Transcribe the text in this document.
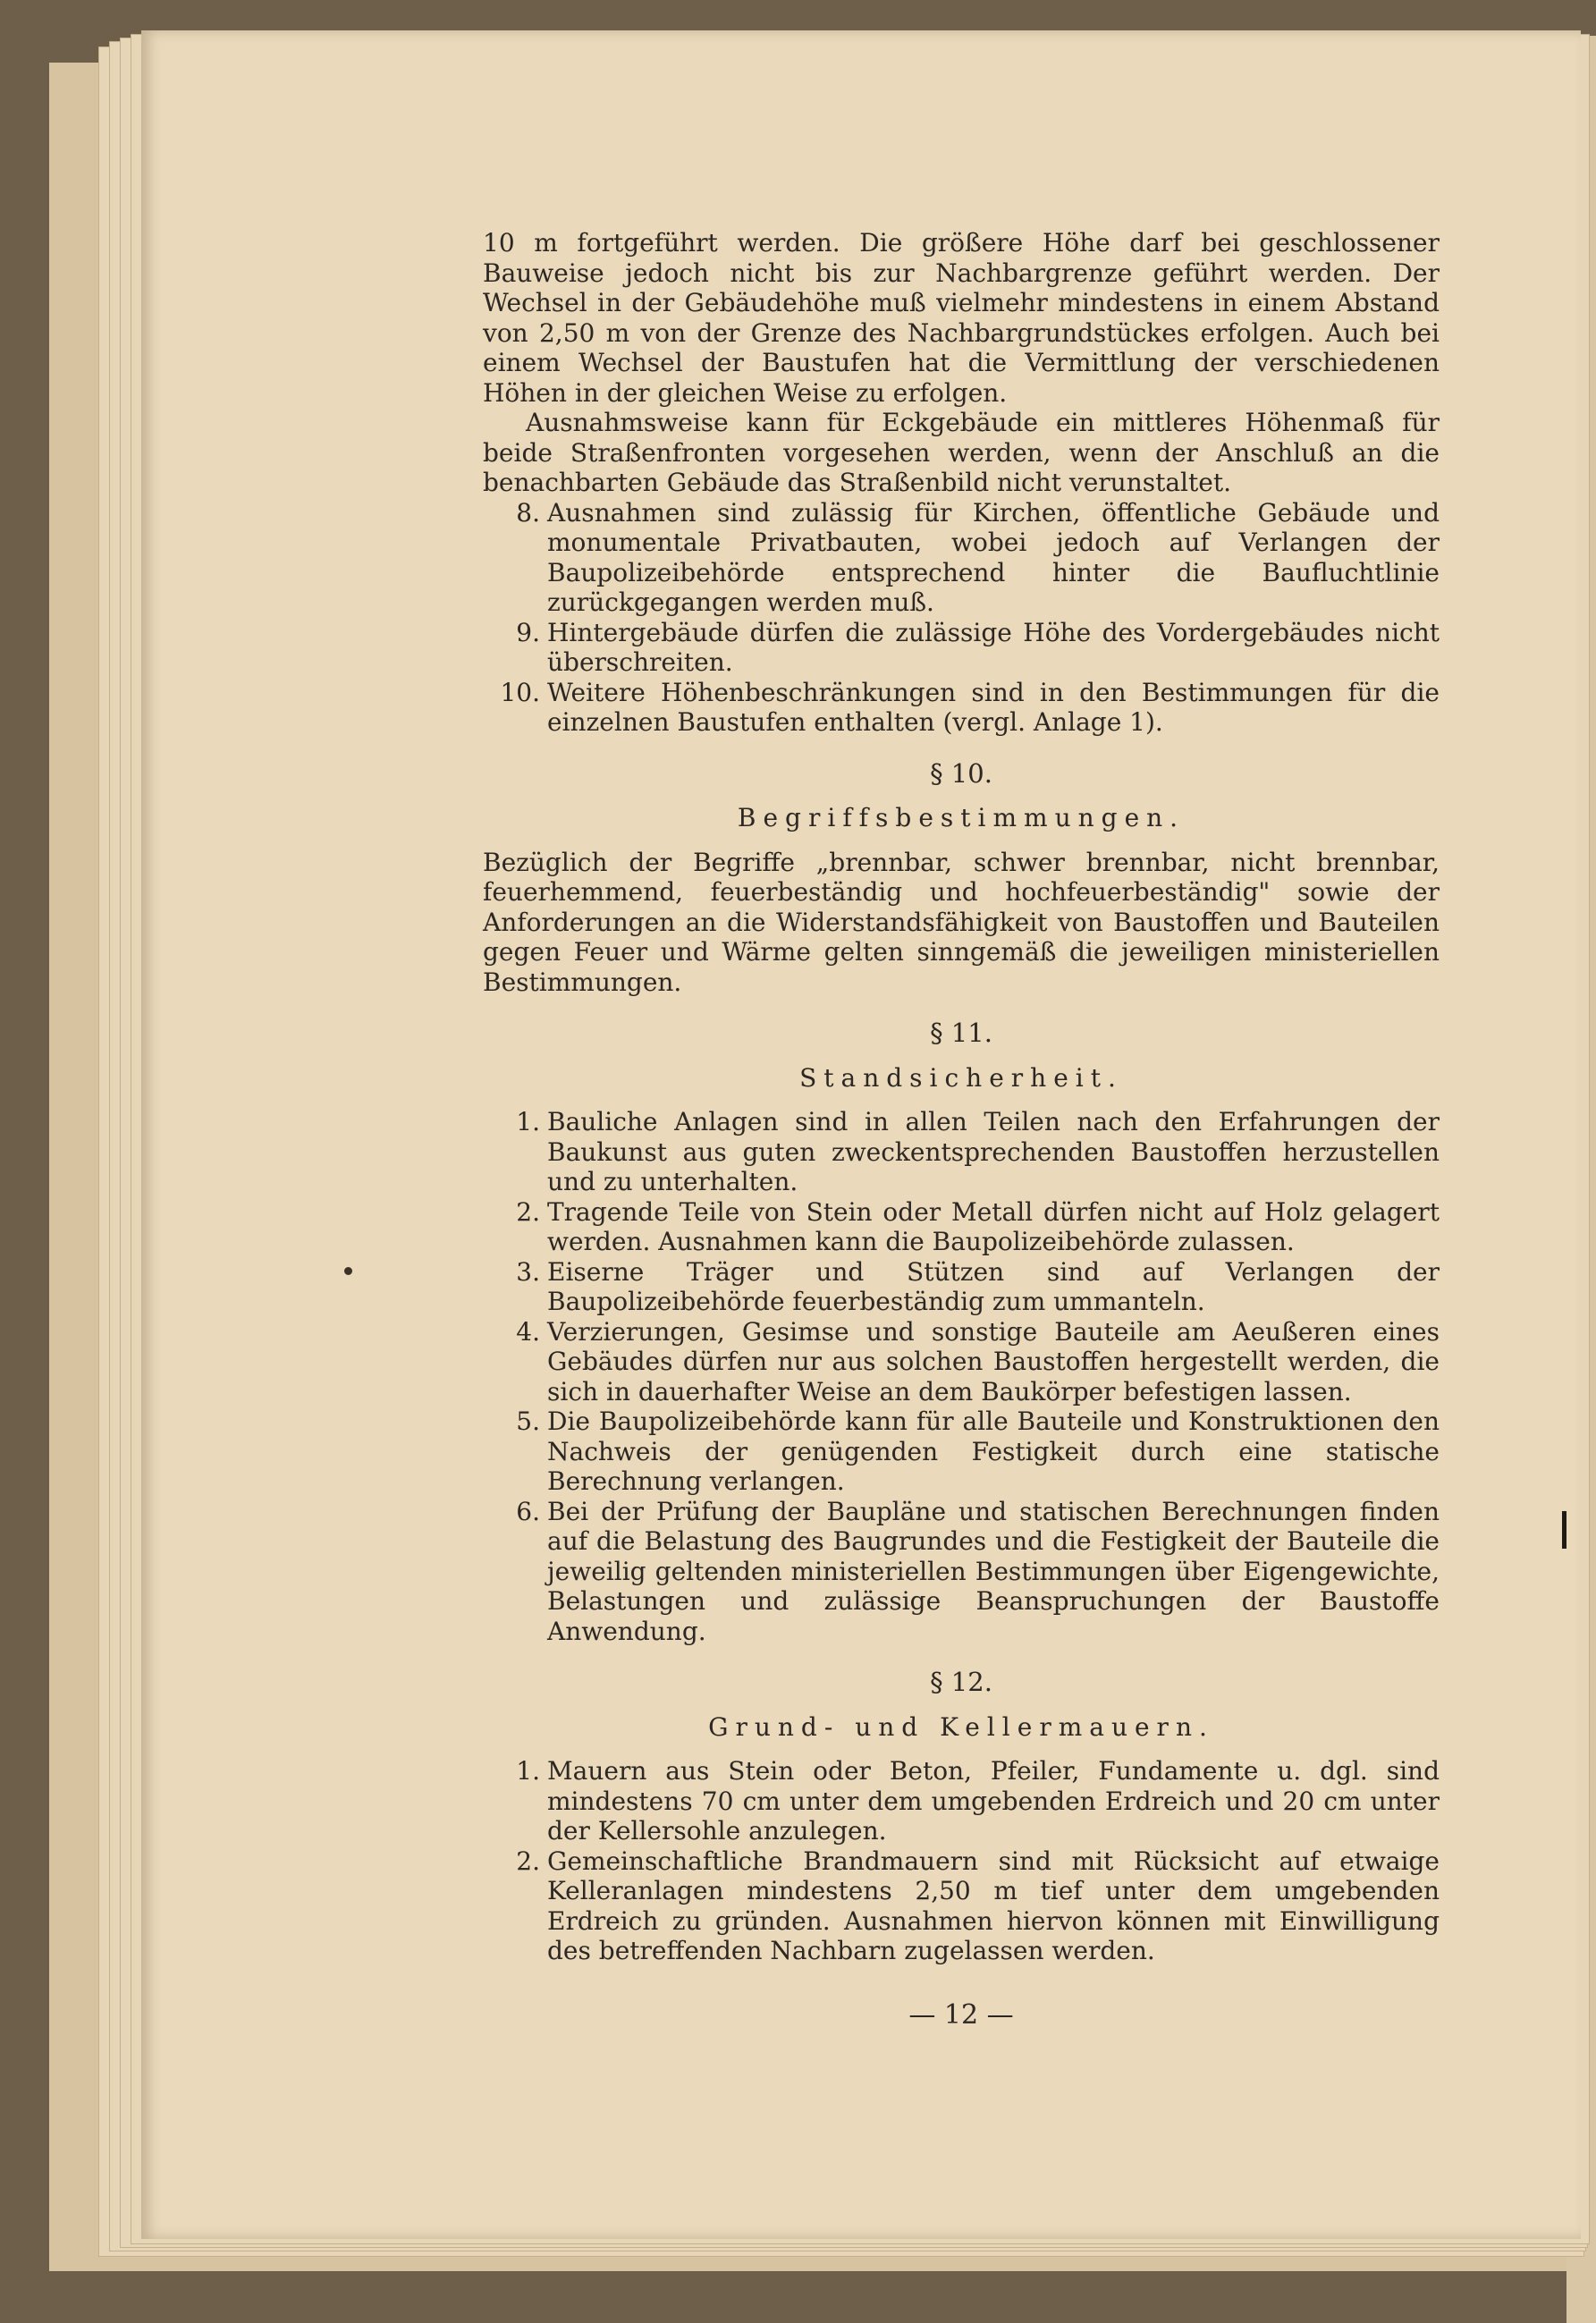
10 m fortgeführt werden. Die größere Höhe darf bei geschlossener Bauweise jedoch nicht bis zur Nachbargrenze geführt werden. Der Wechsel in der Gebäudehöhe muß vielmehr mindestens in einem Abstand von 2,50 m von der Grenze des Nachbargrundstückes erfolgen. Auch bei einem Wechsel der Baustufen hat die Vermittlung der verschiedenen Höhen in der gleichen Weise zu erfolgen.
Ausnahmsweise kann für Eckgebäude ein mittleres Höhenmaß für beide Straßenfronten vorgesehen werden, wenn der Anschluß an die benachbarten Gebäude das Straßenbild nicht verunstaltet.
8. Ausnahmen sind zulässig für Kirchen, öffentliche Gebäude und monumentale Privatbauten, wobei jedoch auf Verlangen der Baupolizeibehörde entsprechend hinter die Baufluchtlinie zurückgegangen werden muß.
9. Hintergebäude dürfen die zulässige Höhe des Vordergebäudes nicht überschreiten.
10. Weitere Höhenbeschränkungen sind in den Bestimmungen für die einzelnen Baustufen enthalten (vergl. Anlage 1).
§ 10.
Begriffsbestimmungen.
Bezüglich der Begriffe „brennbar, schwer brennbar, nicht brennbar, feuerhemmend, feuerbeständig und hochfeuerbeständig" sowie der Anforderungen an die Widerstandsfähigkeit von Baustoffen und Bauteilen gegen Feuer und Wärme gelten sinngemäß die jeweiligen ministeriellen Bestimmungen.
§ 11.
Standsicherheit.
1. Bauliche Anlagen sind in allen Teilen nach den Erfahrungen der Baukunst aus guten zweckentsprechenden Baustoffen herzustellen und zu unterhalten.
2. Tragende Teile von Stein oder Metall dürfen nicht auf Holz gelagert werden. Ausnahmen kann die Baupolizeibehörde zulassen.
3. Eiserne Träger und Stützen sind auf Verlangen der Baupolizeibehörde feuerbeständig zum ummanteln.
4. Verzierungen, Gesimse und sonstige Bauteile am Aeußeren eines Gebäudes dürfen nur aus solchen Baustoffen hergestellt werden, die sich in dauerhafter Weise an dem Baukörper befestigen lassen.
5. Die Baupolizeibehörde kann für alle Bauteile und Konstruktionen den Nachweis der genügenden Festigkeit durch eine statische Berechnung verlangen.
6. Bei der Prüfung der Baupläne und statischen Berechnungen finden auf die Belastung des Baugrundes und die Festigkeit der Bauteile die jeweilig geltenden ministeriellen Bestimmungen über Eigengewichte, Belastungen und zulässige Beanspruchungen der Baustoffe Anwendung.
§ 12.
Grund- und Kellermauern.
1. Mauern aus Stein oder Beton, Pfeiler, Fundamente u. dgl. sind mindestens 70 cm unter dem umgebenden Erdreich und 20 cm unter der Kellersohle anzulegen.
2. Gemeinschaftliche Brandmauern sind mit Rücksicht auf etwaige Kelleranlagen mindestens 2,50 m tief unter dem umgebenden Erdreich zu gründen. Ausnahmen hiervon können mit Einwilligung des betreffenden Nachbarn zugelassen werden.
— 12 —
